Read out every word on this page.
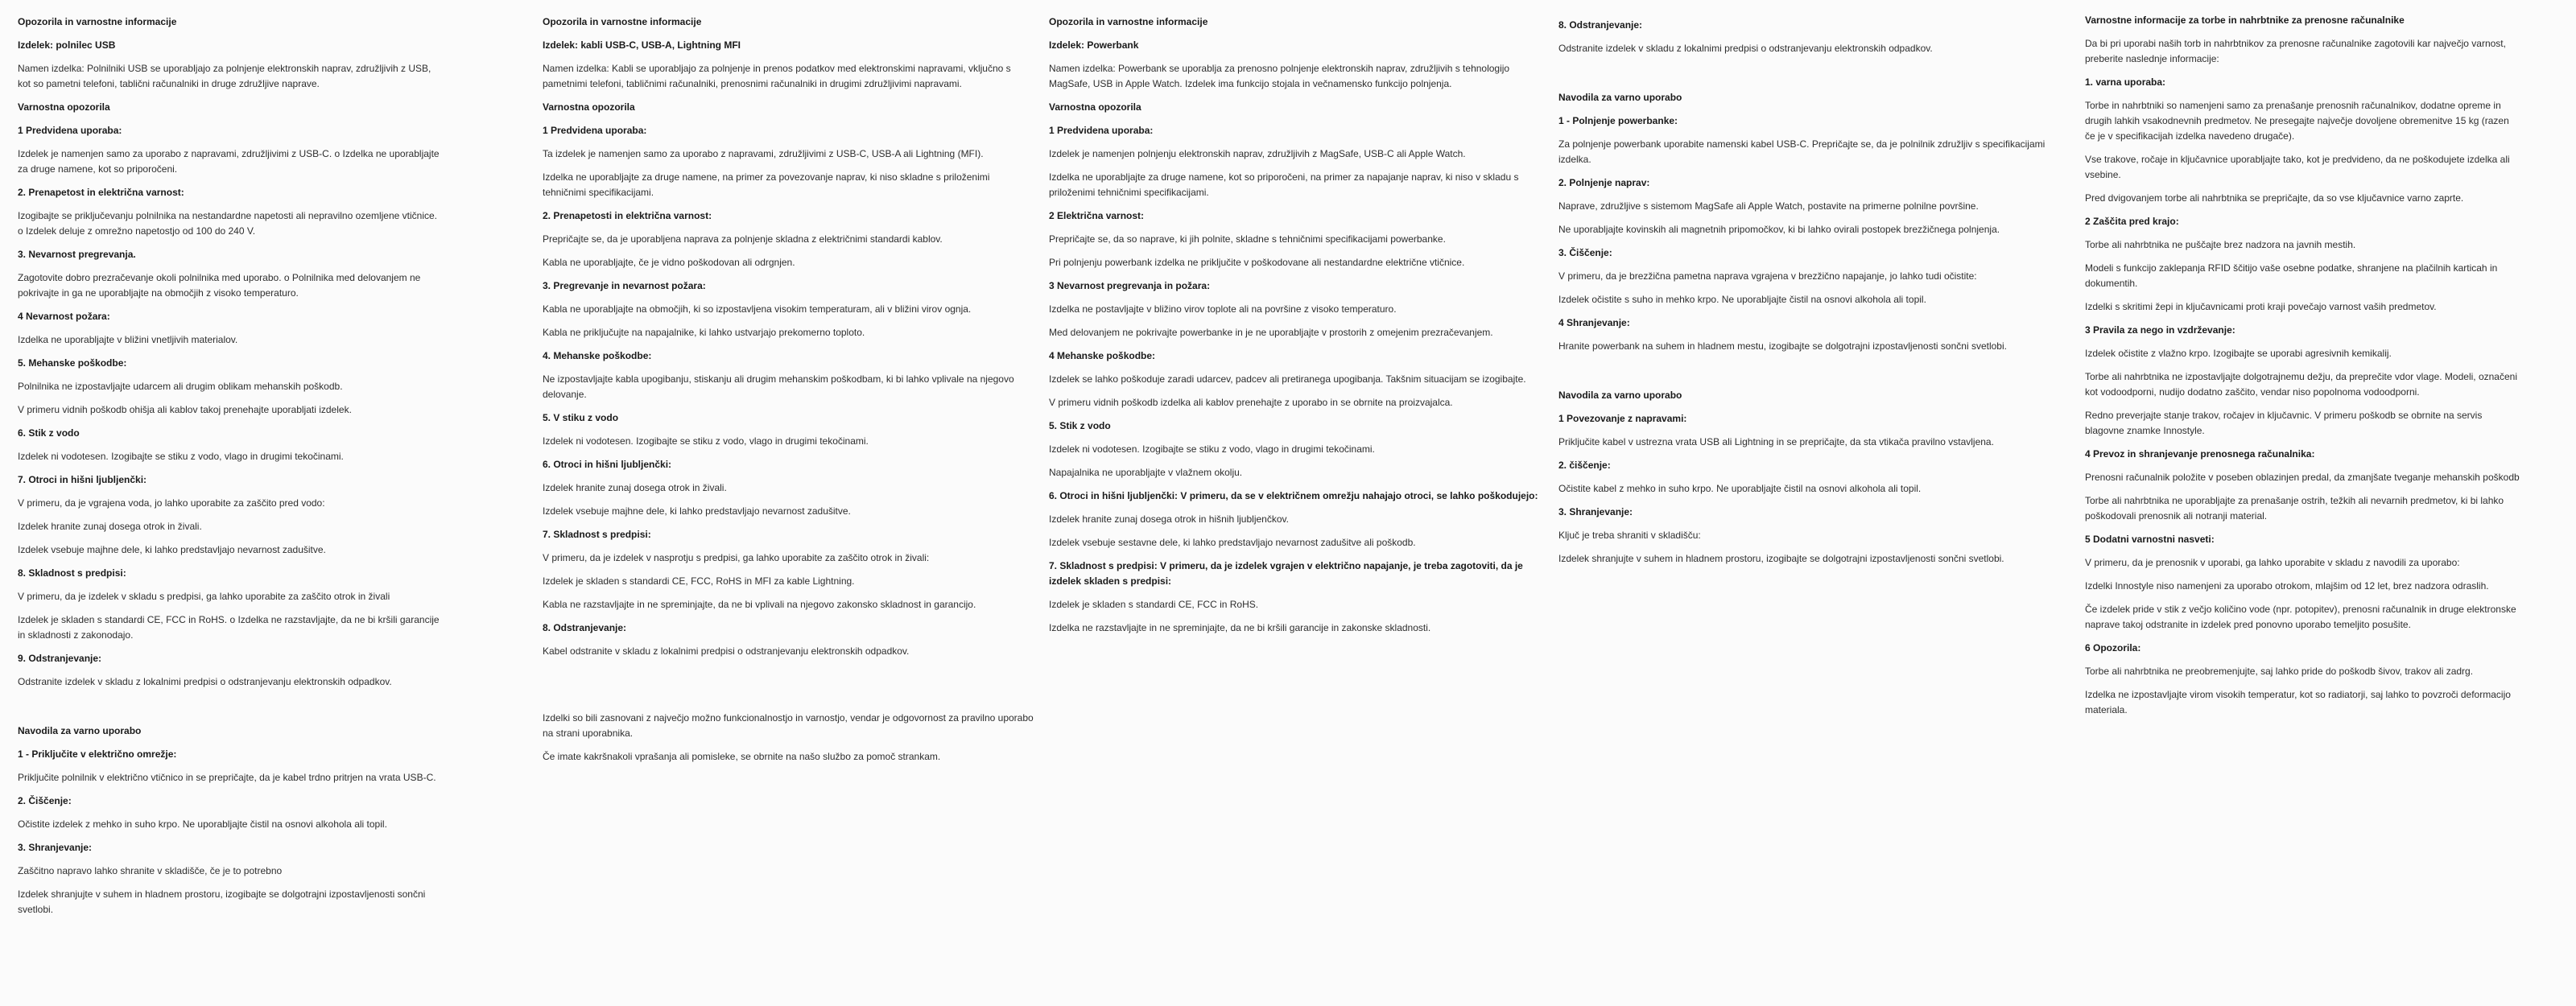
Opozorila in varnostne informacije
Izdelek: polnilec USB
Namen izdelka: Polnilniki USB se uporabljajo za polnjenje elektronskih naprav, združljivih z USB, kot so pametni telefoni, tablični računalniki in druge združljive naprave.
Varnostna opozorila
1 Predvidena uporaba:
Izdelek je namenjen samo za uporabo z napravami, združljivimi z USB-C. o Izdelka ne uporabljajte za druge namene, kot so priporočeni.
2. Prenapetost in električna varnost:
Izogibajte se priključevanju polnilnika na nestandardne napetosti ali nepravilno ozemljene vtičnice. o Izdelek deluje z omrežno napetostjo od 100 do 240 V.
3. Nevarnost pregrevanja.
Zagotovite dobro prezračevanje okoli polnilnika med uporabo. o Polnilnika med delovanjem ne pokrivajte in ga ne uporabljajte na območjih z visoko temperaturo.
4 Nevarnost požara:
Izdelka ne uporabljajte v bližini vnetljivih materialov.
5. Mehanske poškodbe:
Polnilnika ne izpostavljajte udarcem ali drugim oblikam mehanskih poškodb.
V primeru vidnih poškodb ohišja ali kablov takoj prenehajte uporabljati izdelek.
6. Stik z vodo
Izdelek ni vodotesen. Izogibajte se stiku z vodo, vlago in drugimi tekočinami.
7. Otroci in hišni ljubljenčki:
V primeru, da je vgrajena voda, jo lahko uporabite za zaščito pred vodo:
Izdelek hranite zunaj dosega otrok in živali.
Izdelek vsebuje majhne dele, ki lahko predstavljajo nevarnost zadušitve.
8. Skladnost s predpisi:
V primeru, da je izdelek v skladu s predpisi, ga lahko uporabite za zaščito otrok in živali
Izdelek je skladen s standardi CE, FCC in RoHS. o Izdelka ne razstavljajte, da ne bi kršili garancije in skladnosti z zakonodajo.
9. Odstranjevanje:
Odstranite izdelek v skladu z lokalnimi predpisi o odstranjevanju elektronskih odpadkov.
Navodila za varno uporabo
1 - Priključite v električno omrežje:
Priključite polnilnik v električno vtičnico in se prepričajte, da je kabel trdno pritrjen na vrata USB-C.
2. Čiščenje:
Očistite izdelek z mehko in suho krpo. Ne uporabljajte čistil na osnovi alkohola ali topil.
3. Shranjevanje:
Zaščitno napravo lahko shranite v skladišče, če je to potrebno
Izdelek shranjujte v suhem in hladnem prostoru, izogibajte se dolgotrajni izpostavljenosti sončni svetlobi.
Opozorila in varnostne informacije
Izdelek: kabli USB-C, USB-A, Lightning MFI
Namen izdelka: Kabli se uporabljajo za polnjenje in prenos podatkov med elektronskimi napravami, vključno s pametnimi telefoni, tabličnimi računalniki, prenosnimi računalniki in drugimi združljivimi napravami.
Varnostna opozorila
1 Predvidena uporaba:
Ta izdelek je namenjen samo za uporabo z napravami, združljivimi z USB-C, USB-A ali Lightning (MFI).
Izdelka ne uporabljajte za druge namene, na primer za povezovanje naprav, ki niso skladne s priloženimi tehničnimi specifikacijami.
2. Prenapetosti in električna varnost:
Prepričajte se, da je uporabljena naprava za polnjenje skladna z električnimi standardi kablov.
Kabla ne uporabljajte, če je vidno poškodovan ali odrgnjen.
3. Pregrevanje in nevarnost požara:
Kabla ne uporabljajte na območjih, ki so izpostavljena visokim temperaturam, ali v bližini virov ognja.
Kabla ne priključujte na napajalnike, ki lahko ustvarjajo prekomerno toploto.
4. Mehanske poškodbe:
Ne izpostavljajte kabla upogibanju, stiskanju ali drugim mehanskim poškodbam, ki bi lahko vplivale na njegovo delovanje.
5. V stiku z vodo
Izdelek ni vodotesen. Izogibajte se stiku z vodo, vlago in drugimi tekočinami.
6. Otroci in hišni ljubljenčki:
Izdelek hranite zunaj dosega otrok in živali.
Izdelek vsebuje majhne dele, ki lahko predstavljajo nevarnost zadušitve.
7. Skladnost s predpisi:
V primeru, da je izdelek v nasprotju s predpisi, ga lahko uporabite za zaščito otrok in živali:
Izdelek je skladen s standardi CE, FCC, RoHS in MFI za kable Lightning.
Kabla ne razstavljajte in ne spreminjajte, da ne bi vplivali na njegovo zakonsko skladnost in garancijo.
8. Odstranjevanje:
Kabel odstranite v skladu z lokalnimi predpisi o odstranjevanju elektronskih odpadkov.
Izdelki so bili zasnovani z največjo možno funkcionalnostjo in varnostjo, vendar je odgovornost za pravilno uporabo na strani uporabnika.
Če imate kakršnakoli vprašanja ali pomisleke, se obrnite na našo službo za pomoč strankam.
Opozorila in varnostne informacije
Izdelek: Powerbank
Namen izdelka: Powerbank se uporablja za prenosno polnjenje elektronskih naprav, združljivih s tehnologijo MagSafe, USB in Apple Watch. Izdelek ima funkcijo stojala in večnamensko funkcijo polnjenja.
Varnostna opozorila
1 Predvidena uporaba:
Izdelek je namenjen polnjenju elektronskih naprav, združljivih z MagSafe, USB-C ali Apple Watch.
Izdelka ne uporabljajte za druge namene, kot so priporočeni, na primer za napajanje naprav, ki niso v skladu s priloženimi tehničnimi specifikacijami.
2 Električna varnost:
Prepričajte se, da so naprave, ki jih polnite, skladne s tehničnimi specifikacijami powerbanke.
Pri polnjenju powerbank izdelka ne priključite v poškodovane ali nestandardne električne vtičnice.
3 Nevarnost pregrevanja in požara:
Izdelka ne postavljajte v bližino virov toplote ali na površine z visoko temperaturo.
Med delovanjem ne pokrivajte powerbanke in je ne uporabljajte v prostorih z omejenim prezračevanjem.
4 Mehanske poškodbe:
Izdelek se lahko poškoduje zaradi udarcev, padcev ali pretiranega upogibanja. Takšnim situacijam se izogibajte.
V primeru vidnih poškodb izdelka ali kablov prenehajte z uporabo in se obrnite na proizvajalca.
5. Stik z vodo
Izdelek ni vodotesen. Izogibajte se stiku z vodo, vlago in drugimi tekočinami.
Napajalnika ne uporabljajte v vlažnem okolju.
6. Otroci in hišni ljubljenčki: V primeru, da se v električnem omrežju nahajajo otroci, se lahko poškodujejo:
Izdelek hranite zunaj dosega otrok in hišnih ljubljenčkov.
Izdelek vsebuje sestavne dele, ki lahko predstavljajo nevarnost zadušitve ali poškodb.
7. Skladnost s predpisi: V primeru, da je izdelek vgrajen v električno napajanje, je treba zagotoviti, da je izdelek skladen s predpisi:
Izdelek je skladen s standardi CE, FCC in RoHS.
Izdelka ne razstavljajte in ne spreminjajte, da ne bi kršili garancije in zakonske skladnosti.
8. Odstranjevanje:
Odstranite izdelek v skladu z lokalnimi predpisi o odstranjevanju elektronskih odpadkov.
Navodila za varno uporabo
1 - Polnjenje powerbanke:
Za polnjenje powerbank uporabite namenski kabel USB-C. Prepričajte se, da je polnilnik združljiv s specifikacijami izdelka.
2. Polnjenje naprav:
Naprave, združljive s sistemom MagSafe ali Apple Watch, postavite na primerne polnilne površine.
Ne uporabljajte kovinskih ali magnetnih pripomočkov, ki bi lahko ovirali postopek brezžičnega polnjenja.
3. Čiščenje:
V primeru, da je brezžična pametna naprava vgrajena v brezžično napajanje, jo lahko tudi očistite:
Izdelek očistite s suho in mehko krpo. Ne uporabljajte čistil na osnovi alkohola ali topil.
4 Shranjevanje:
Hranite powerbank na suhem in hladnem mestu, izogibajte se dolgotrajni izpostavljenosti sončni svetlobi.
Navodila za varno uporabo
1 Povezovanje z napravami:
Priključite kabel v ustrezna vrata USB ali Lightning in se prepričajte, da sta vtikača pravilno vstavljena.
2. čiščenje:
Očistite kabel z mehko in suho krpo. Ne uporabljajte čistil na osnovi alkohola ali topil.
3. Shranjevanje:
Ključ je treba shraniti v skladišču:
Izdelek shranjujte v suhem in hladnem prostoru, izogibajte se dolgotrajni izpostavljenosti sončni svetlobi.
Varnostne informacije za torbe in nahrbtnike za prenosne računalnike
Da bi pri uporabi naših torb in nahrbtnikov za prenosne računalnike zagotovili kar največjo varnost, preberite naslednje informacije:
1. varna uporaba:
Torbe in nahrbtniki so namenjeni samo za prenašanje prenosnih računalnikov, dodatne opreme in drugih lahkih vsakodnevnih predmetov. Ne presegajte največje dovoljene obremenitve 15 kg (razen če je v specifikacijah izdelka navedeno drugače).
Vse trakove, ročaje in ključavnice uporabljajte tako, kot je predvideno, da ne poškodujete izdelka ali vsebine.
Pred dvigovanjem torbe ali nahrbtnika se prepričajte, da so vse ključavnice varno zaprte.
2 Zaščita pred krajo:
Torbe ali nahrbtnika ne puščajte brez nadzora na javnih mestih.
Modeli s funkcijo zaklepanja RFID ščitijo vaše osebne podatke, shranjene na plačilnih karticah in dokumentih.
Izdelki s skritimi žepi in ključavnicami proti kraji povečajo varnost vaših predmetov.
3 Pravila za nego in vzdrževanje:
Izdelek očistite z vlažno krpo. Izogibajte se uporabi agresivnih kemikalij.
Torbe ali nahrbtnika ne izpostavljajte dolgotrajnemu dežju, da preprečite vdor vlage. Modeli, označeni kot vodoodporni, nudijo dodatno zaščito, vendar niso popolnoma vodoodporni.
Redno preverjajte stanje trakov, ročajev in ključavnic. V primeru poškodb se obrnite na servis blagovne znamke Innostyle.
4 Prevoz in shranjevanje prenosnega računalnika:
Prenosni računalnik položite v poseben oblazinjen predal, da zmanjšate tveganje mehanskih poškodb
Torbe ali nahrbtnika ne uporabljajte za prenašanje ostrih, težkih ali nevarnih predmetov, ki bi lahko poškodovali prenosnik ali notranji material.
5 Dodatni varnostni nasveti:
V primeru, da je prenosnik v uporabi, ga lahko uporabite v skladu z navodili za uporabo:
Izdelki Innostyle niso namenjeni za uporabo otrokom, mlajšim od 12 let, brez nadzora odraslih.
Če izdelek pride v stik z večjo količino vode (npr. potopitev), prenosni računalnik in druge elektronske naprave takoj odstranite in izdelek pred ponovno uporabo temeljito posušite.
6 Opozorila:
Torbe ali nahrbtnika ne preobremenjujte, saj lahko pride do poškodb šivov, trakov ali zadrg.
Izdelka ne izpostavljajte virom visokih temperatur, kot so radiatorji, saj lahko to povzroči deformacijo materiala.
